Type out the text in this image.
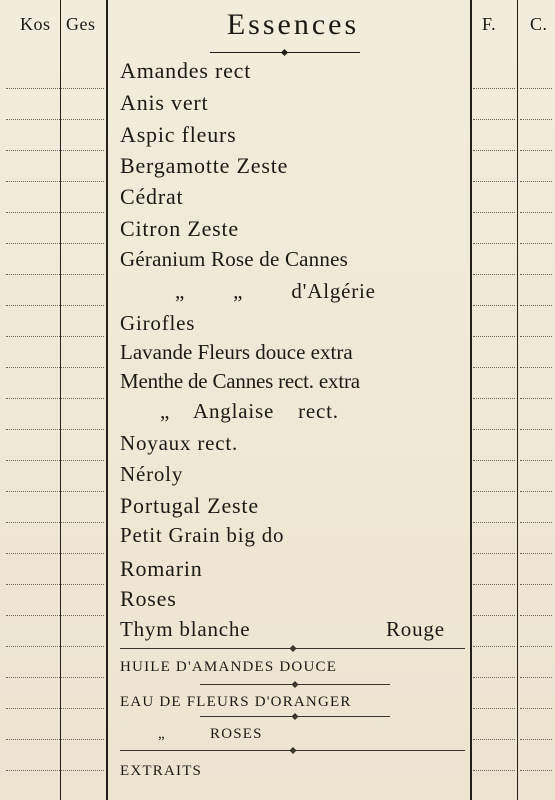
Kos Ges	Essences	F. C.
Amandes rect
Anis vert
Aspic fleurs
Bergamotte Zeste
Cédrat
Citron Zeste
Géranium Rose de Cannes
„ „ d'Algérie
Girofles
Lavande Fleurs douce extra
Menthe de Cannes rect. extra
„ Anglaise rect.
Noyaux rect.
Néroly
Portugal Zeste
Petit Grain big do
Romarin
Roses
Thym blanche	Rouge
HUILE D'AMANDES DOUCE
EAU DE FLEURS D'ORANGER
„	ROSES
EXTRAITS
